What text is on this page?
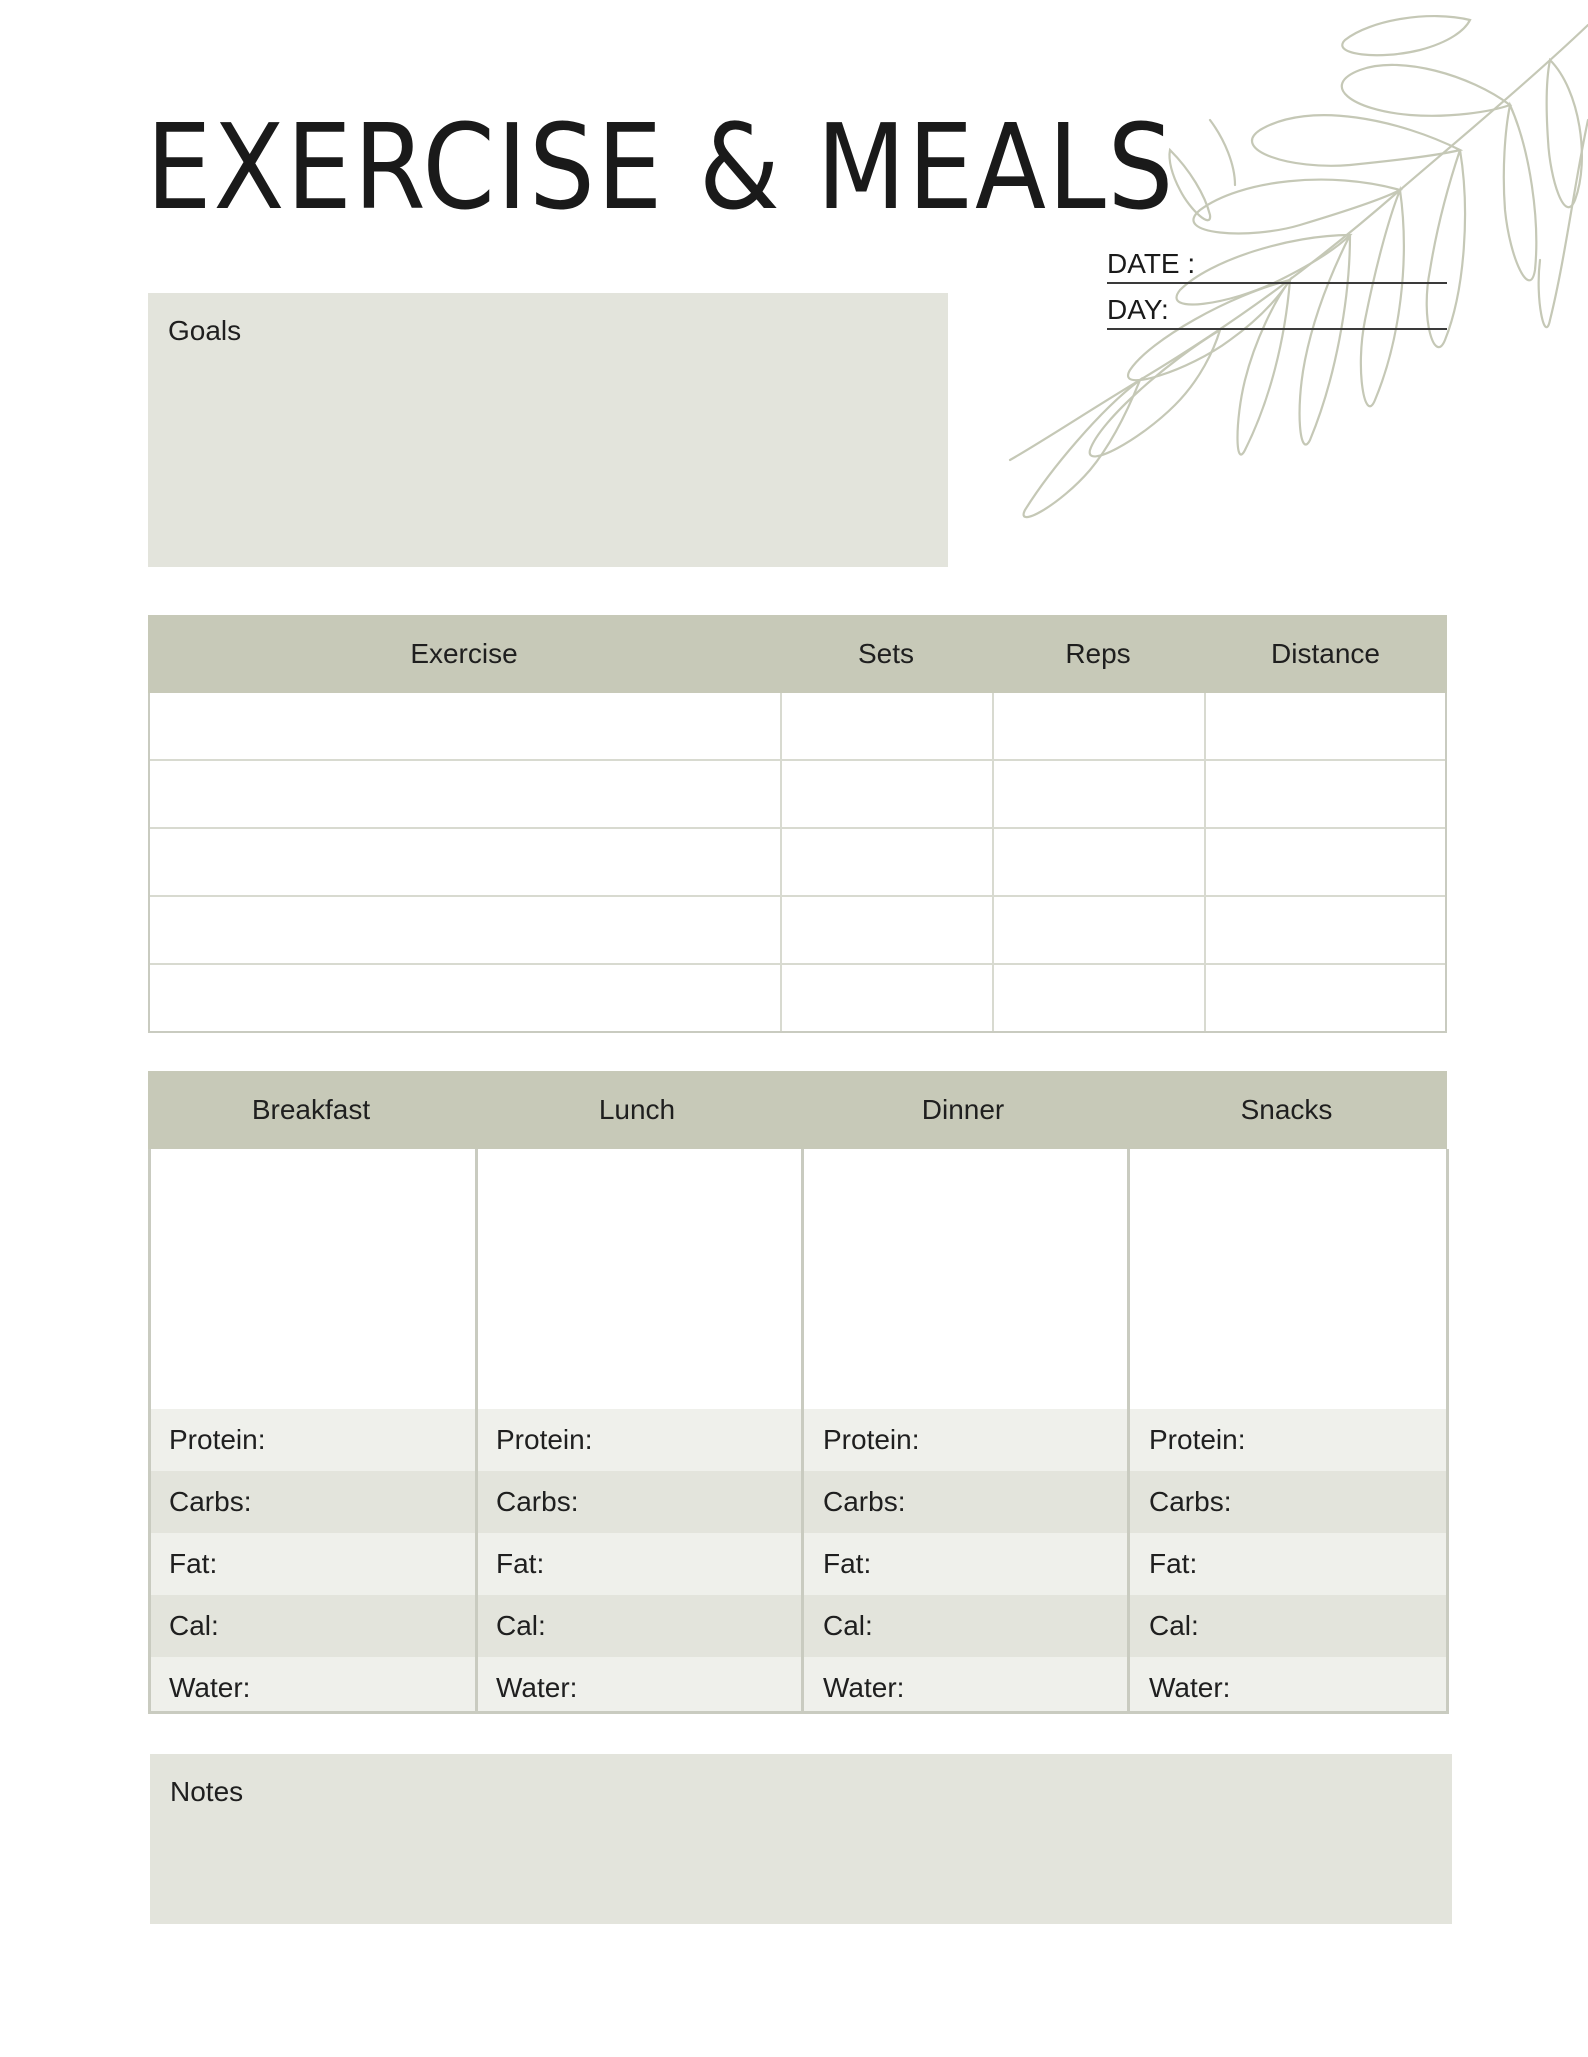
EXERCISE & MEALS
DATE :
DAY:
Goals
Exercise	Sets	Reps	Distance
Breakfast	Lunch	Dinner	Snacks
Protein:	Protein:	Protein:	Protein:
Carbs:	Carbs:	Carbs:	Carbs:
Fat:	Fat:	Fat:	Fat:
Cal:	Cal:	Cal:	Cal:
Water:	Water:	Water:	Water:
Notes
